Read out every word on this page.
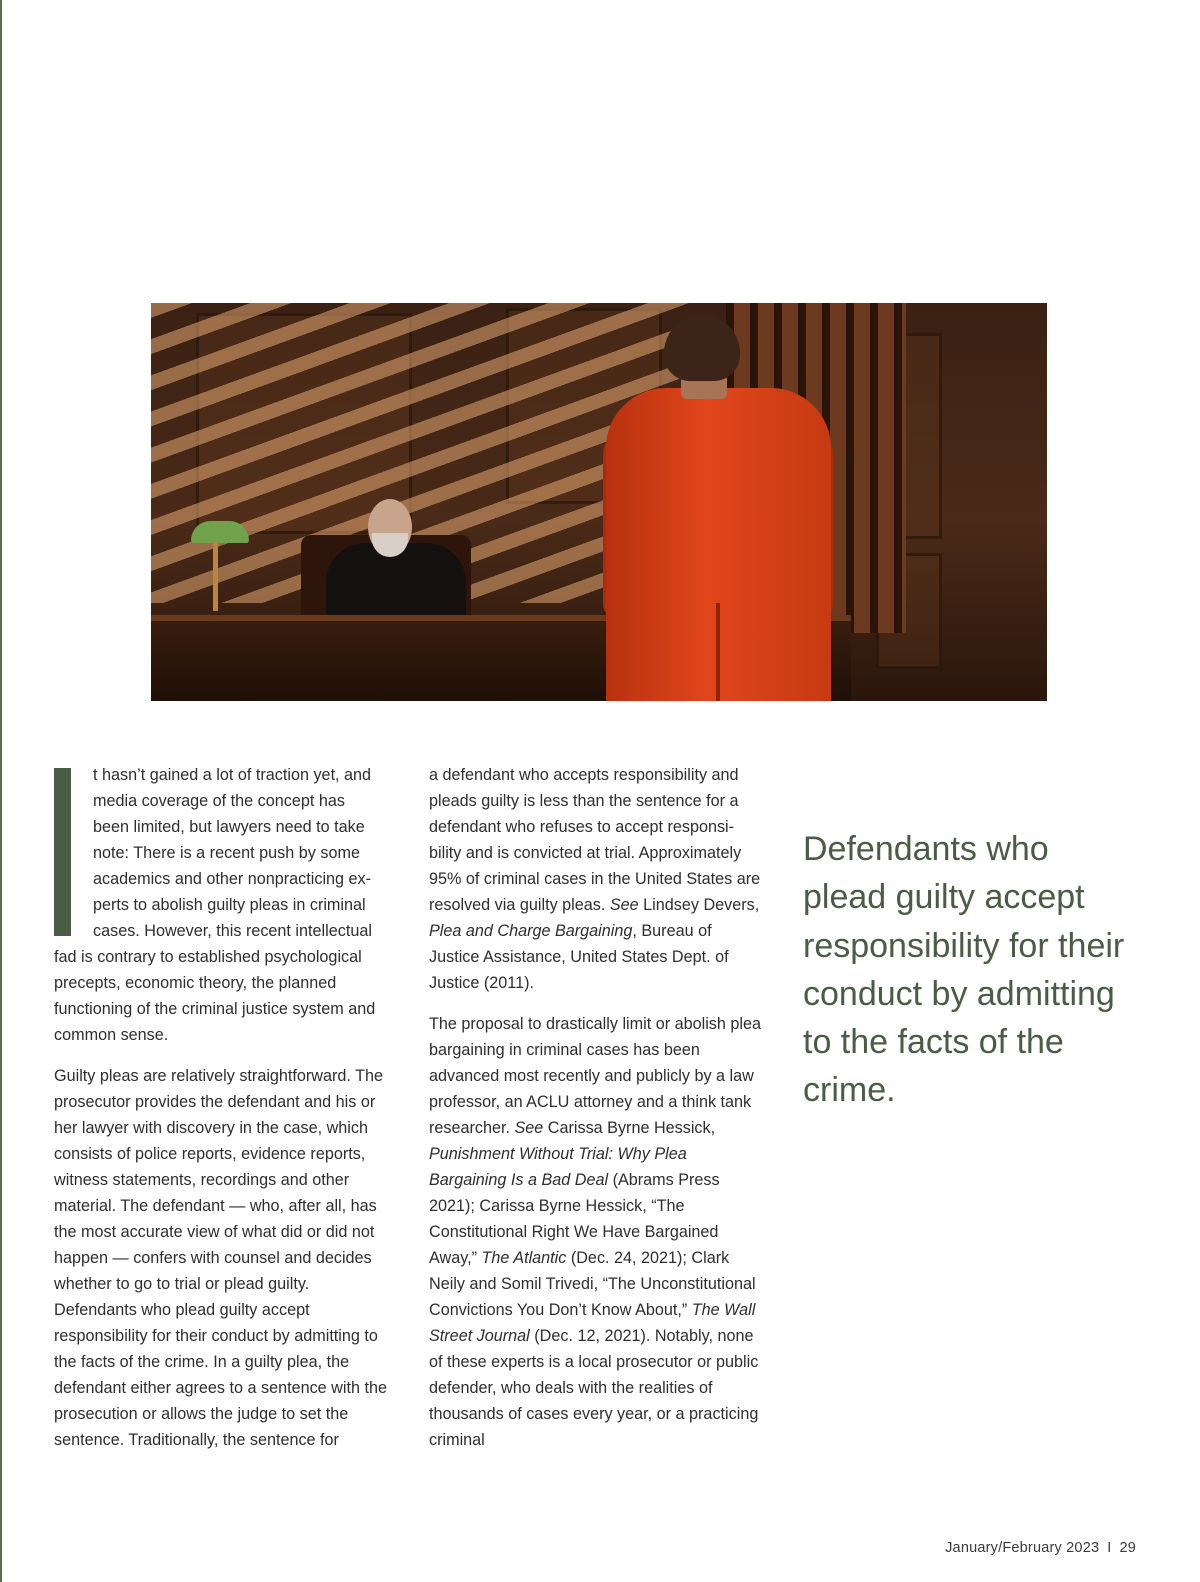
t hasn’t gained a lot of traction yet, and
media coverage of the concept has
been limited, but lawyers need to take
note: There is a recent push by some
academics and other nonpracticing ex-
perts to abolish guilty pleas in criminal
cases. However, this recent intellectual
fad is contrary to established psychological precepts, economic theory, the planned functioning of the criminal justice system and common sense.

Guilty pleas are relatively straightforward. The prosecutor provides the defendant and his or her lawyer with discovery in the case, which consists of police reports, evidence reports, witness statements, recordings and other material. The defendant — who, after all, has the most accurate view of what did or did not happen — confers with counsel and decides whether to go to trial or plead guilty. Defendants who plead guilty accept responsibility for their conduct by admitting to the facts of the crime. In a guilty plea, the defendant either agrees to a sentence with the prosecution or allows the judge to set the sentence. Traditionally, the sentence for

a defendant who accepts responsibility and pleads guilty is less than the sentence for a defendant who refuses to accept responsi-bility and is convicted at trial. Approximately 95% of criminal cases in the United States are resolved via guilty pleas. See Lindsey Devers, Plea and Charge Bargaining, Bureau of Justice Assistance, United States Dept. of Justice (2011).

The proposal to drastically limit or abolish plea bargaining in criminal cases has been advanced most recently and publicly by a law professor, an ACLU attorney and a think tank researcher. See Carissa Byrne Hessick, Punishment Without Trial: Why Plea Bargaining Is a Bad Deal (Abrams Press 2021); Carissa Byrne Hessick, “The Constitutional Right We Have Bargained Away,” The Atlantic (Dec. 24, 2021); Clark Neily and Somil Trivedi, “The Unconstitutional Convictions You Don’t Know About,” The Wall Street Journal (Dec. 12, 2021). Notably, none of these experts is a local prosecutor or public defender, who deals with the realities of thousands of cases every year, or a practicing criminal

Defendants who plead guilty accept responsibility for their conduct by admitting to the facts of the crime.
January/February 2023 I 29
